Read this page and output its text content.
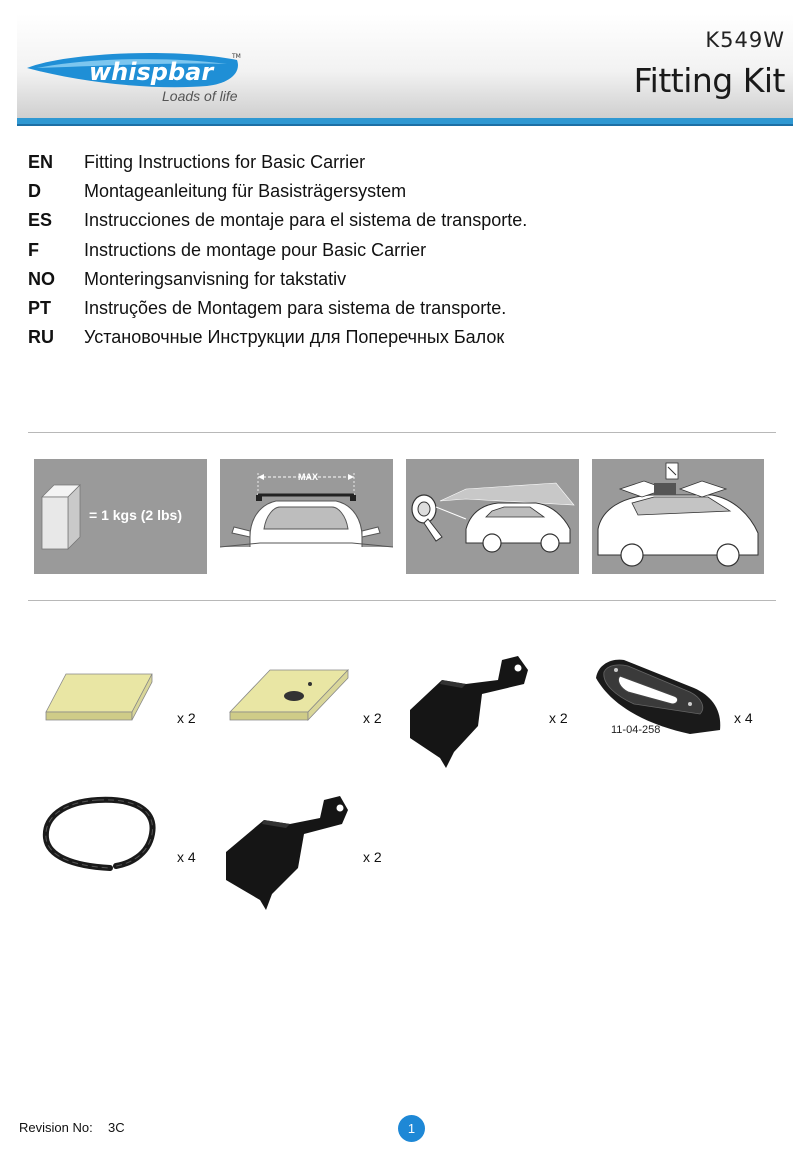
whispbar
TM
Loads of life
K549W
Fitting Kit
EN	Fitting Instructions for Basic Carrier
D	Montageanleitung für Basisträgersystem
ES	Instrucciones de montaje para el sistema de transporte.
F	Instructions de montage pour Basic Carrier
NO	Monteringsanvisning for takstativ
PT	Instruções de Montagem para sistema de transporte.
RU	Установочные Инструкции для Поперечных Балок
= 1 kgs (2 lbs)
MAX
x 2	x 2	x 2
11-04-258
x 4
x 4	x 2
Revision No: 3C	1
